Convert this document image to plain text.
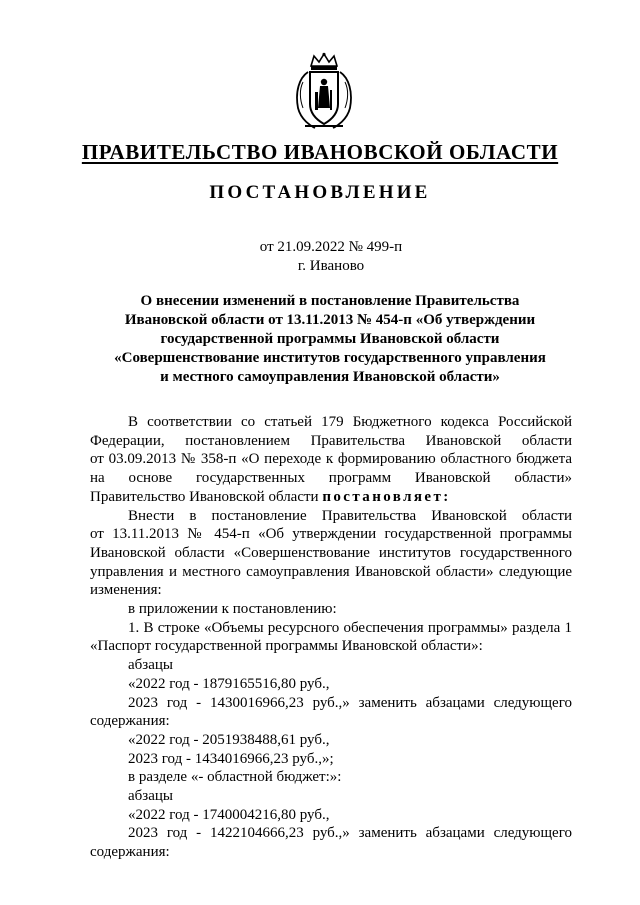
ПРАВИТЕЛЬСТВО ИВАНОВСКОЙ ОБЛАСТИ
ПОСТАНОВЛЕНИЕ
от 21.09.2022 № 499-п
г. Иваново
О внесении изменений в постановление Правительства
Ивановской области от 13.11.2013 № 454-п «Об утверждении
государственной программы Ивановской области
«Совершенствование институтов государственного управления
и местного самоуправления Ивановской области»

В соответствии со статьей 179 Бюджетного кодекса Российской

Федерации, постановлением Правительства Ивановской области

от 03.09.2013 № 358-п «О переходе к формированию областного бюджета

на основе государственных программ Ивановской области»

Правительство Ивановской области постановляет:

Внести в постановление Правительства Ивановской области

от 13.11.2013 № 454-п «Об утверждении государственной программы

Ивановской области «Совершенствование институтов государственного

управления и местного самоуправления Ивановской области» следующие

изменения:

в приложении к постановлению:

1. В строке «Объемы ресурсного обеспечения программы» раздела 1

«Паспорт государственной программы Ивановской области»:

абзацы

«2022 год - 1879165516,80 руб.,

2023 год - 1430016966,23 руб.,» заменить абзацами следующего

содержания:

«2022 год - 2051938488,61 руб.,

2023 год - 1434016966,23 руб.,»;

в разделе «- областной бюджет:»:

абзацы

«2022 год - 1740004216,80 руб.,

2023 год - 1422104666,23 руб.,» заменить абзацами следующего

содержания:
